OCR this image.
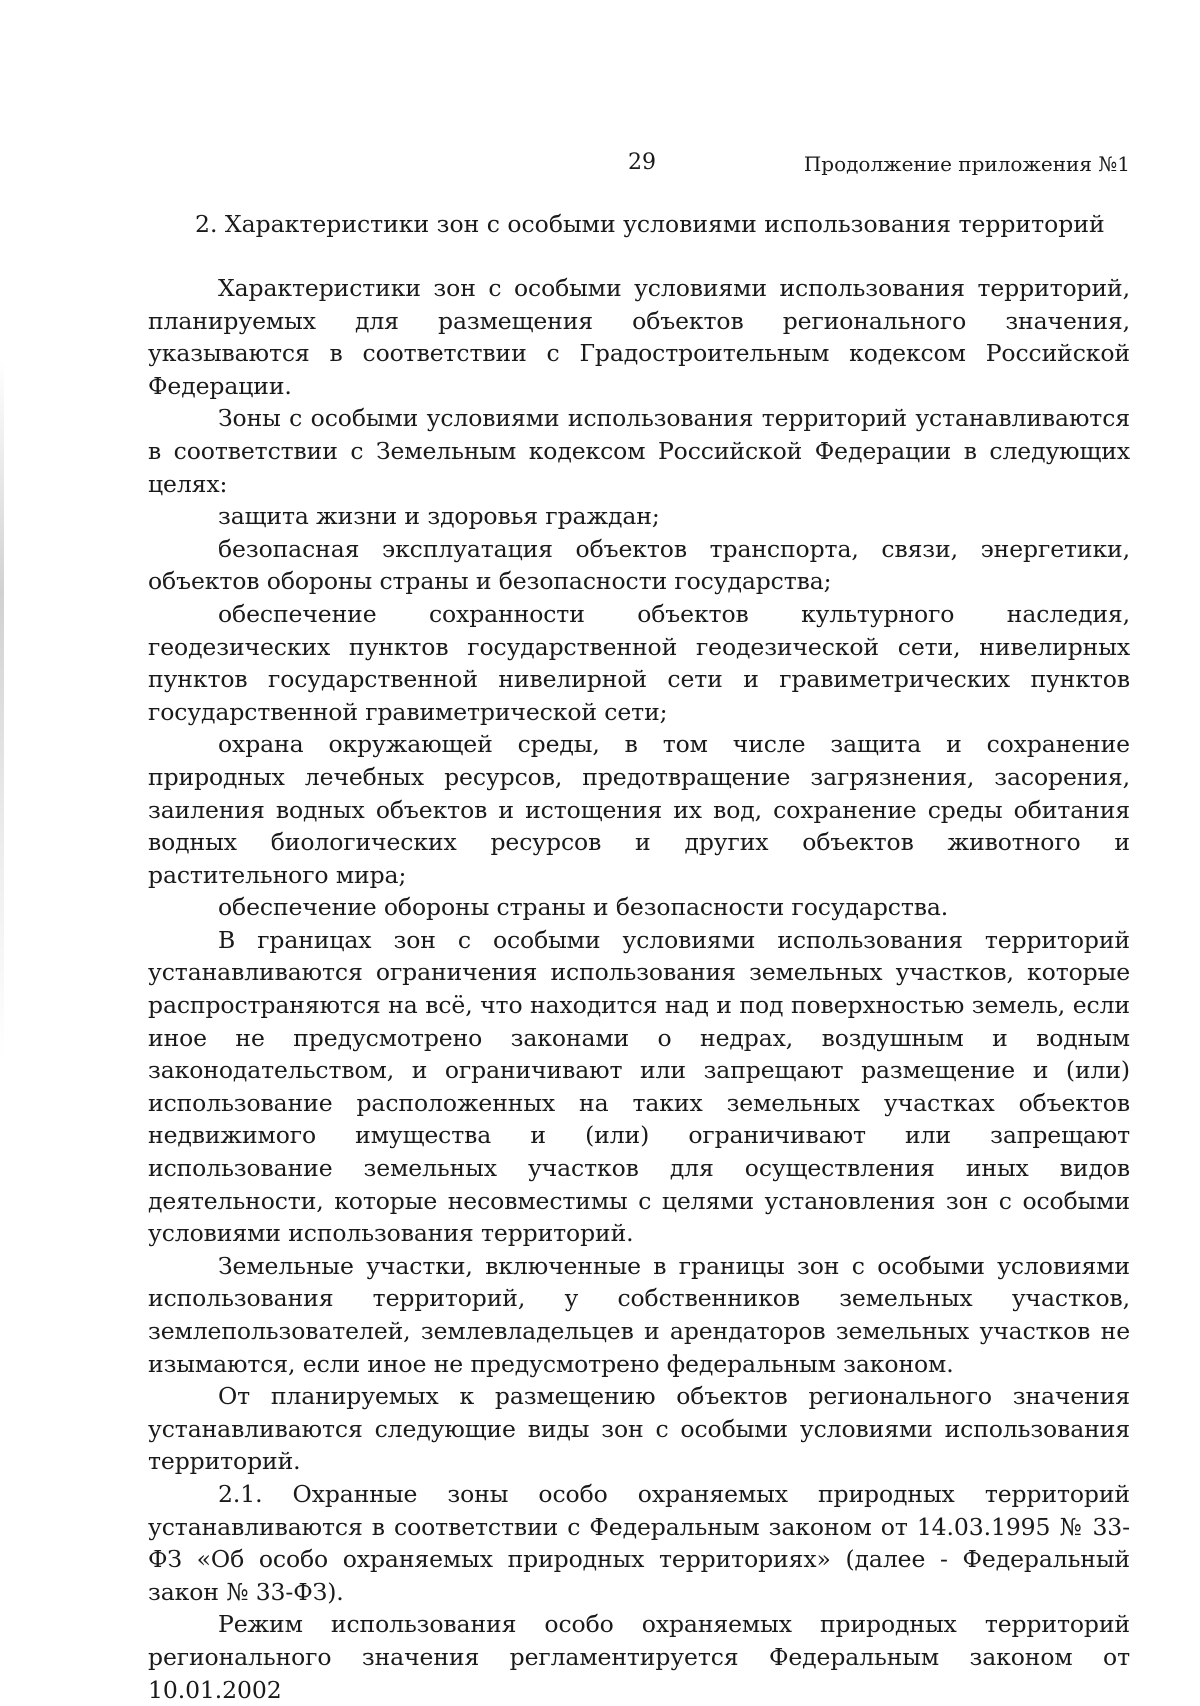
29	Продолжение приложения №1
2. Характеристики зон с особыми условиями использования территорий

Характеристики зон с особыми условиями использования территорий, планируемых для размещения объектов регионального значения, указываются в соответствии с Градостроительным кодексом Российской Федерации.

Зоны с особыми условиями использования территорий устанавливаются в соответствии с Земельным кодексом Российской Федерации в следующих целях:

защита жизни и здоровья граждан;

безопасная эксплуатация объектов транспорта, связи, энергетики, объектов обороны страны и безопасности государства;

обеспечение сохранности объектов культурного наследия, геодезических пунктов государственной геодезической сети, нивелирных пунктов государственной нивелирной сети и гравиметрических пунктов государственной гравиметрической сети;

охрана окружающей среды, в том числе защита и сохранение природных лечебных ресурсов, предотвращение загрязнения, засорения, заиления водных объектов и истощения их вод, сохранение среды обитания водных биологических ресурсов и других объектов животного и растительного мира;

обеспечение обороны страны и безопасности государства.

В границах зон с особыми условиями использования территорий устанавливаются ограничения использования земельных участков, которые распространяются на всё, что находится над и под поверхностью земель, если иное не предусмотрено законами о недрах, воздушным и водным законодательством, и ограничивают или запрещают размещение и (или) использование расположенных на таких земельных участках объектов недвижимого имущества и (или) ограничивают или запрещают использование земельных участков для осуществления иных видов деятельности, которые несовместимы с целями установления зон с особыми условиями использования территорий.

Земельные участки, включенные в границы зон с особыми условиями использования территорий, у собственников земельных участков, землепользователей, землевладельцев и арендаторов земельных участков не изымаются, если иное не предусмотрено федеральным законом.

От планируемых к размещению объектов регионального значения устанавливаются следующие виды зон с особыми условиями использования территорий.

2.1. Охранные зоны особо охраняемых природных территорий устанавливаются в соответствии с Федеральным законом от 14.03.1995 № 33-ФЗ «Об особо охраняемых природных территориях» (далее - Федеральный закон № 33-ФЗ).

Режим использования особо охраняемых природных территорий регионального значения регламентируется Федеральным законом от 10.01.2002
